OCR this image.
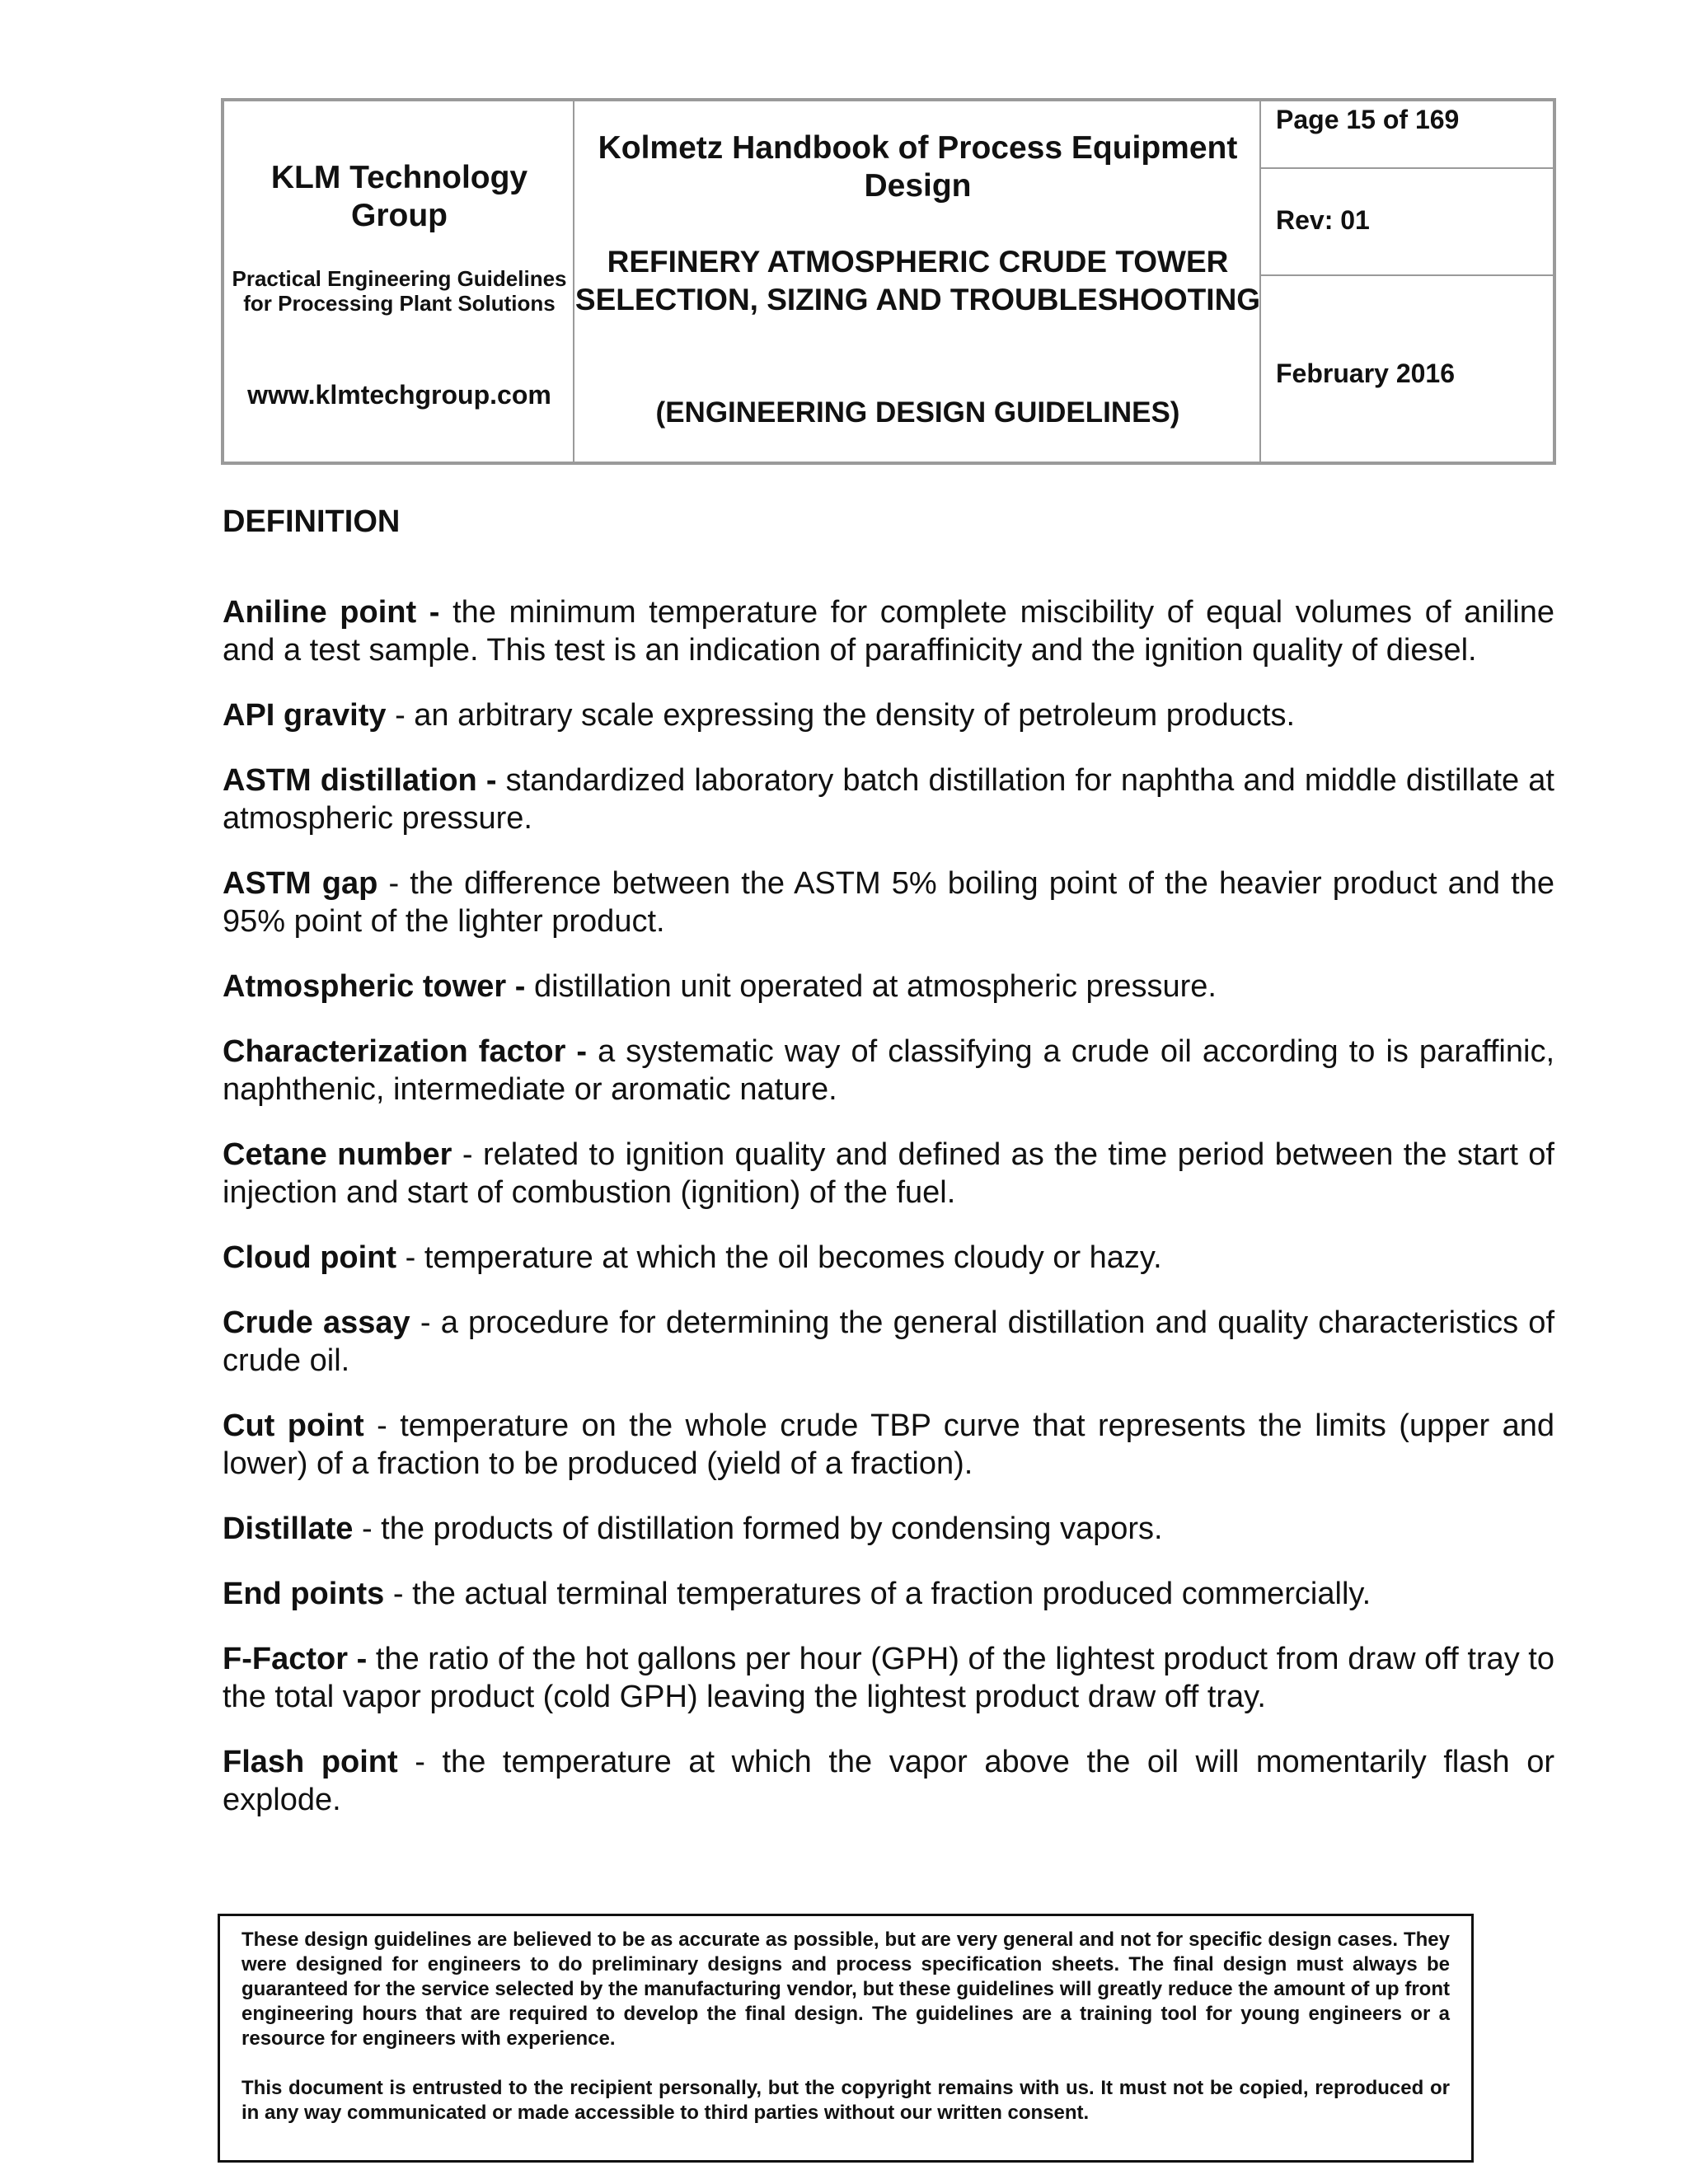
KLM Technology Group
Practical Engineering Guidelines for Processing Plant Solutions
www.klmtechgroup.com
Kolmetz Handbook of Process Equipment Design
REFINERY ATMOSPHERIC CRUDE TOWER SELECTION, SIZING AND TROUBLESHOOTING
(ENGINEERING DESIGN GUIDELINES)
Page 15 of 169
Rev: 01
February 2016
DEFINITION

Aniline point - the minimum temperature for complete miscibility of equal volumes of aniline and a test sample. This test is an indication of paraffinicity and the ignition quality of diesel.

API gravity - an arbitrary scale expressing the density of petroleum products.

ASTM distillation - standardized laboratory batch distillation for naphtha and middle distillate at atmospheric pressure.

ASTM gap - the difference between the ASTM 5% boiling point of the heavier product and the 95% point of the lighter product.

Atmospheric tower - distillation unit operated at atmospheric pressure.

Characterization factor - a systematic way of classifying a crude oil according to is paraffinic, naphthenic, intermediate or aromatic nature.

Cetane number - related to ignition quality and defined as the time period between the start of injection and start of combustion (ignition) of the fuel.

Cloud point - temperature at which the oil becomes cloudy or hazy.

Crude assay - a procedure for determining the general distillation and quality characteristics of crude oil.

Cut point - temperature on the whole crude TBP curve that represents the limits (upper and lower) of a fraction to be produced (yield of a fraction).

Distillate - the products of distillation formed by condensing vapors.

End points - the actual terminal temperatures of a fraction produced commercially.

F-Factor - the ratio of the hot gallons per hour (GPH) of the lightest product from draw off tray to the total vapor product (cold GPH) leaving the lightest product draw off tray.

Flash point - the temperature at which the vapor above the oil will momentarily flash or explode.

These design guidelines are believed to be as accurate as possible, but are very general and not for specific design cases. They were designed for engineers to do preliminary designs and process specification sheets. The final design must always be guaranteed for the service selected by the manufacturing vendor, but these guidelines will greatly reduce the amount of up front engineering hours that are required to develop the final design. The guidelines are a training tool for young engineers or a resource for engineers with experience.

This document is entrusted to the recipient personally, but the copyright remains with us. It must not be copied, reproduced or in any way communicated or made accessible to third parties without our written consent.
